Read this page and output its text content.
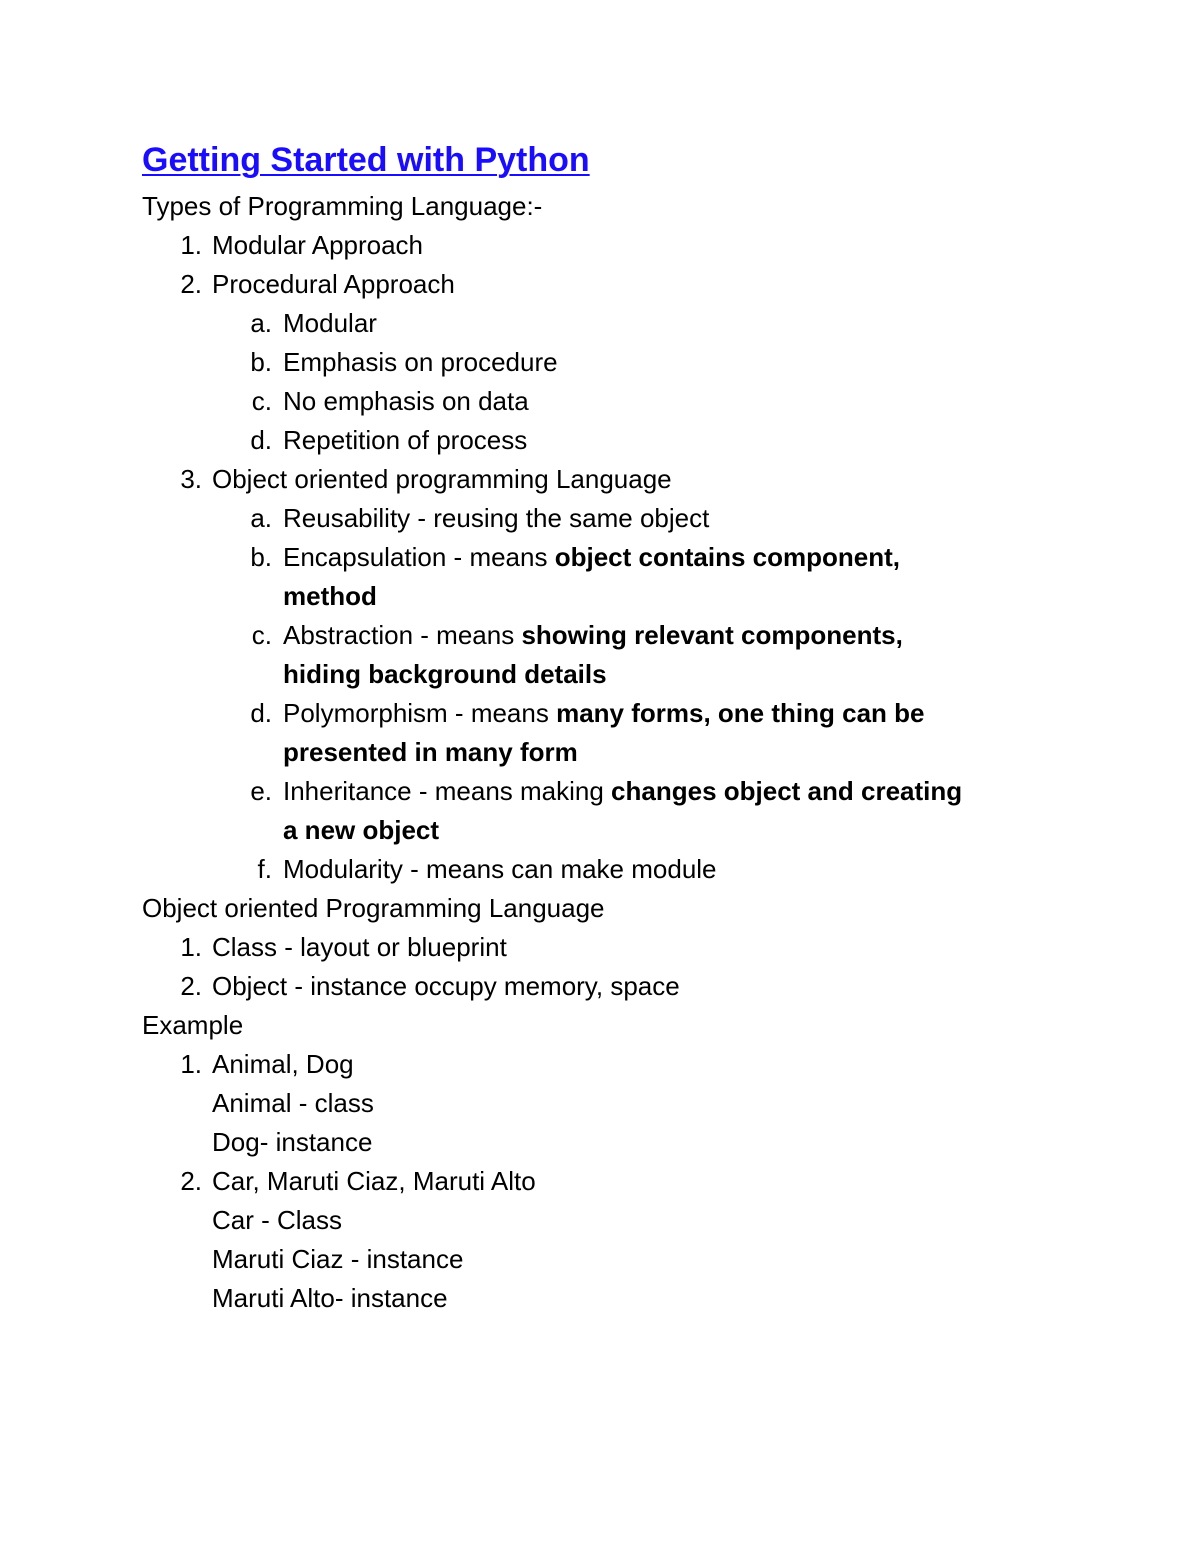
Getting Started with Python
Types of Programming Language:-
1. Modular Approach
2. Procedural Approach
a. Modular
b. Emphasis on procedure
c. No emphasis on data
d. Repetition of process
3. Object oriented programming Language
a. Reusability - reusing the same object
b. Encapsulation - means object contains component,
method
c. Abstraction - means showing relevant components,
hiding background details
d. Polymorphism - means many forms, one thing can be
presented in many form
e. Inheritance - means making changes object and creating
a new object
f. Modularity - means can make module
Object oriented Programming Language
1. Class - layout or blueprint
2. Object - instance occupy memory, space
Example
1. Animal, Dog
Animal - class
Dog- instance
2. Car, Maruti Ciaz, Maruti Alto
Car - Class
Maruti Ciaz - instance
Maruti Alto- instance
